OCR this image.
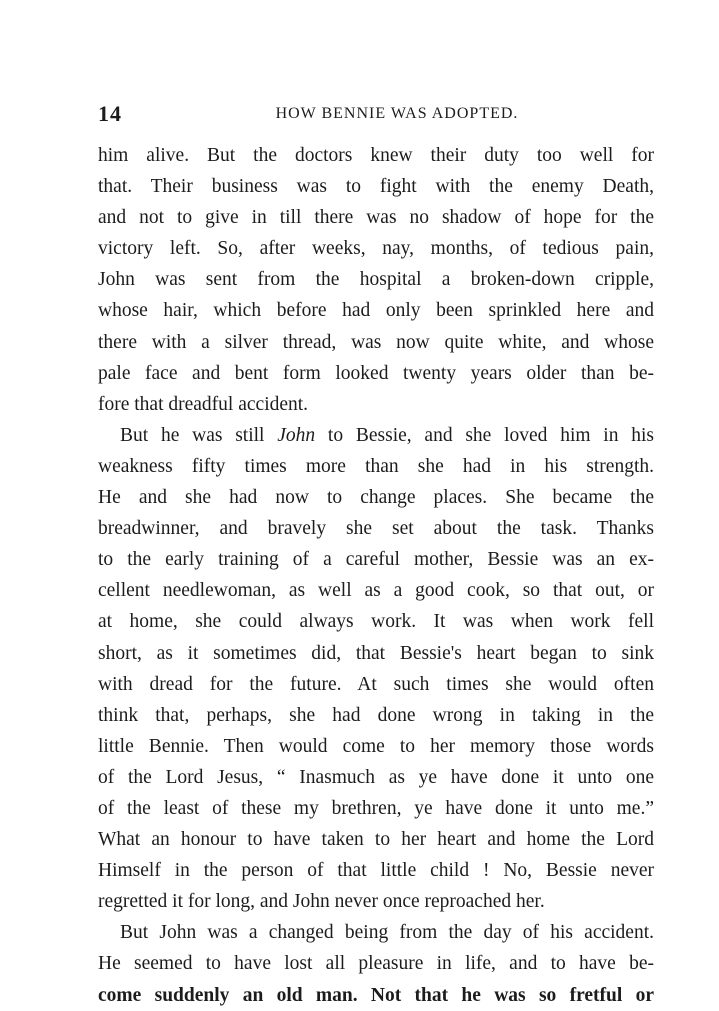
14	HOW BENNIE WAS ADOPTED.
him alive. But the doctors knew their duty too well for
that. Their business was to fight with the enemy Death,
and not to give in till there was no shadow of hope for the
victory left. So, after weeks, nay, months, of tedious pain,
John was sent from the hospital a broken-down cripple,
whose hair, which before had only been sprinkled here and
there with a silver thread, was now quite white, and whose
pale face and bent form looked twenty years older than be-
fore that dreadful accident.
But he was still John to Bessie, and she loved him in his
weakness fifty times more than she had in his strength.
He and she had now to change places. She became the
breadwinner, and bravely she set about the task. Thanks
to the early training of a careful mother, Bessie was an ex-
cellent needlewoman, as well as a good cook, so that out, or
at home, she could always work. It was when work fell
short, as it sometimes did, that Bessie's heart began to sink
with dread for the future. At such times she would often
think that, perhaps, she had done wrong in taking in the
little Bennie. Then would come to her memory those words
of the Lord Jesus, “ Inasmuch as ye have done it unto one
of the least of these my brethren, ye have done it unto me.”
What an honour to have taken to her heart and home the Lord
Himself in the person of that little child ! No, Bessie never
regretted it for long, and John never once reproached her.
But John was a changed being from the day of his accident.
He seemed to have lost all pleasure in life, and to have be-
come suddenly an old man. Not that he was so fretful or
